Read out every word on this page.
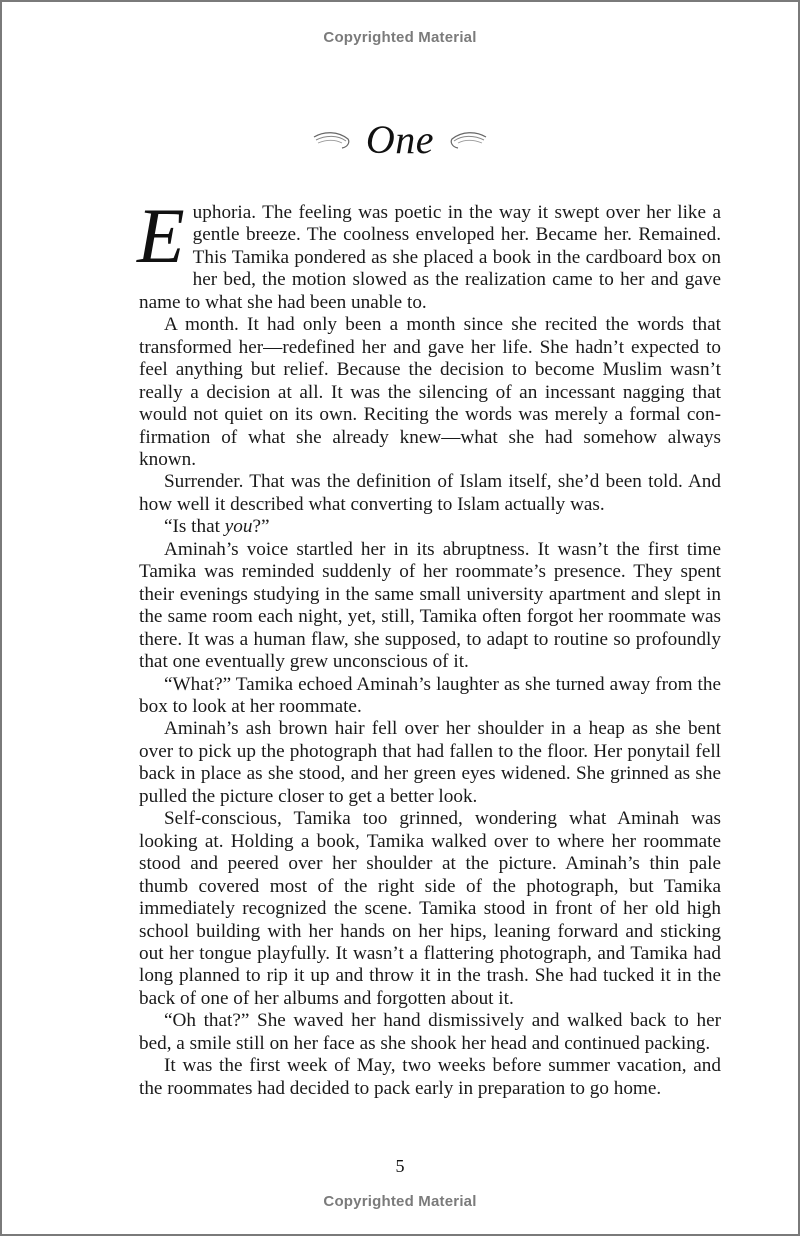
Copyrighted Material
One

Euphoria. The feeling was poetic in the way it swept over her like a gentle breeze. The coolness enveloped her. Became her. Remained. This Tamika pondered as she placed a book in the cardboard box on her bed, the motion slowed as the realization came to her and gave name to what she had been unable to.

A month. It had only been a month since she recited the words that transformed her—redefined her and gave her life. She hadn’t expected to feel anything but relief. Because the decision to become Muslim wasn’t really a decision at all. It was the silencing of an incessant nagging that would not quiet on its own. Reciting the words was merely a formal confirmation of what she already knew—what she had somehow always known.

Surrender. That was the definition of Islam itself, she’d been told. And how well it described what converting to Islam actually was.

“Is that you?”

Aminah’s voice startled her in its abruptness. It wasn’t the first time Tamika was reminded suddenly of her roommate’s presence. They spent their evenings studying in the same small university apartment and slept in the same room each night, yet, still, Tamika often forgot her roommate was there. It was a human flaw, she supposed, to adapt to routine so profoundly that one eventually grew unconscious of it.

“What?” Tamika echoed Aminah’s laughter as she turned away from the box to look at her roommate.

Aminah’s ash brown hair fell over her shoulder in a heap as she bent over to pick up the photograph that had fallen to the floor. Her ponytail fell back in place as she stood, and her green eyes widened. She grinned as she pulled the picture closer to get a better look.

Self-conscious, Tamika too grinned, wondering what Aminah was looking at. Holding a book, Tamika walked over to where her roommate stood and peered over her shoulder at the picture. Aminah’s thin pale thumb covered most of the right side of the photograph, but Tamika immediately recognized the scene. Tamika stood in front of her old high school building with her hands on her hips, leaning forward and sticking out her tongue playfully. It wasn’t a flattering photograph, and Tamika had long planned to rip it up and throw it in the trash. She had tucked it in the back of one of her albums and forgotten about it.

“Oh that?” She waved her hand dismissively and walked back to her bed, a smile still on her face as she shook her head and continued packing.

It was the first week of May, two weeks before summer vacation, and the roommates had decided to pack early in preparation to go home.

5
Copyrighted Material
